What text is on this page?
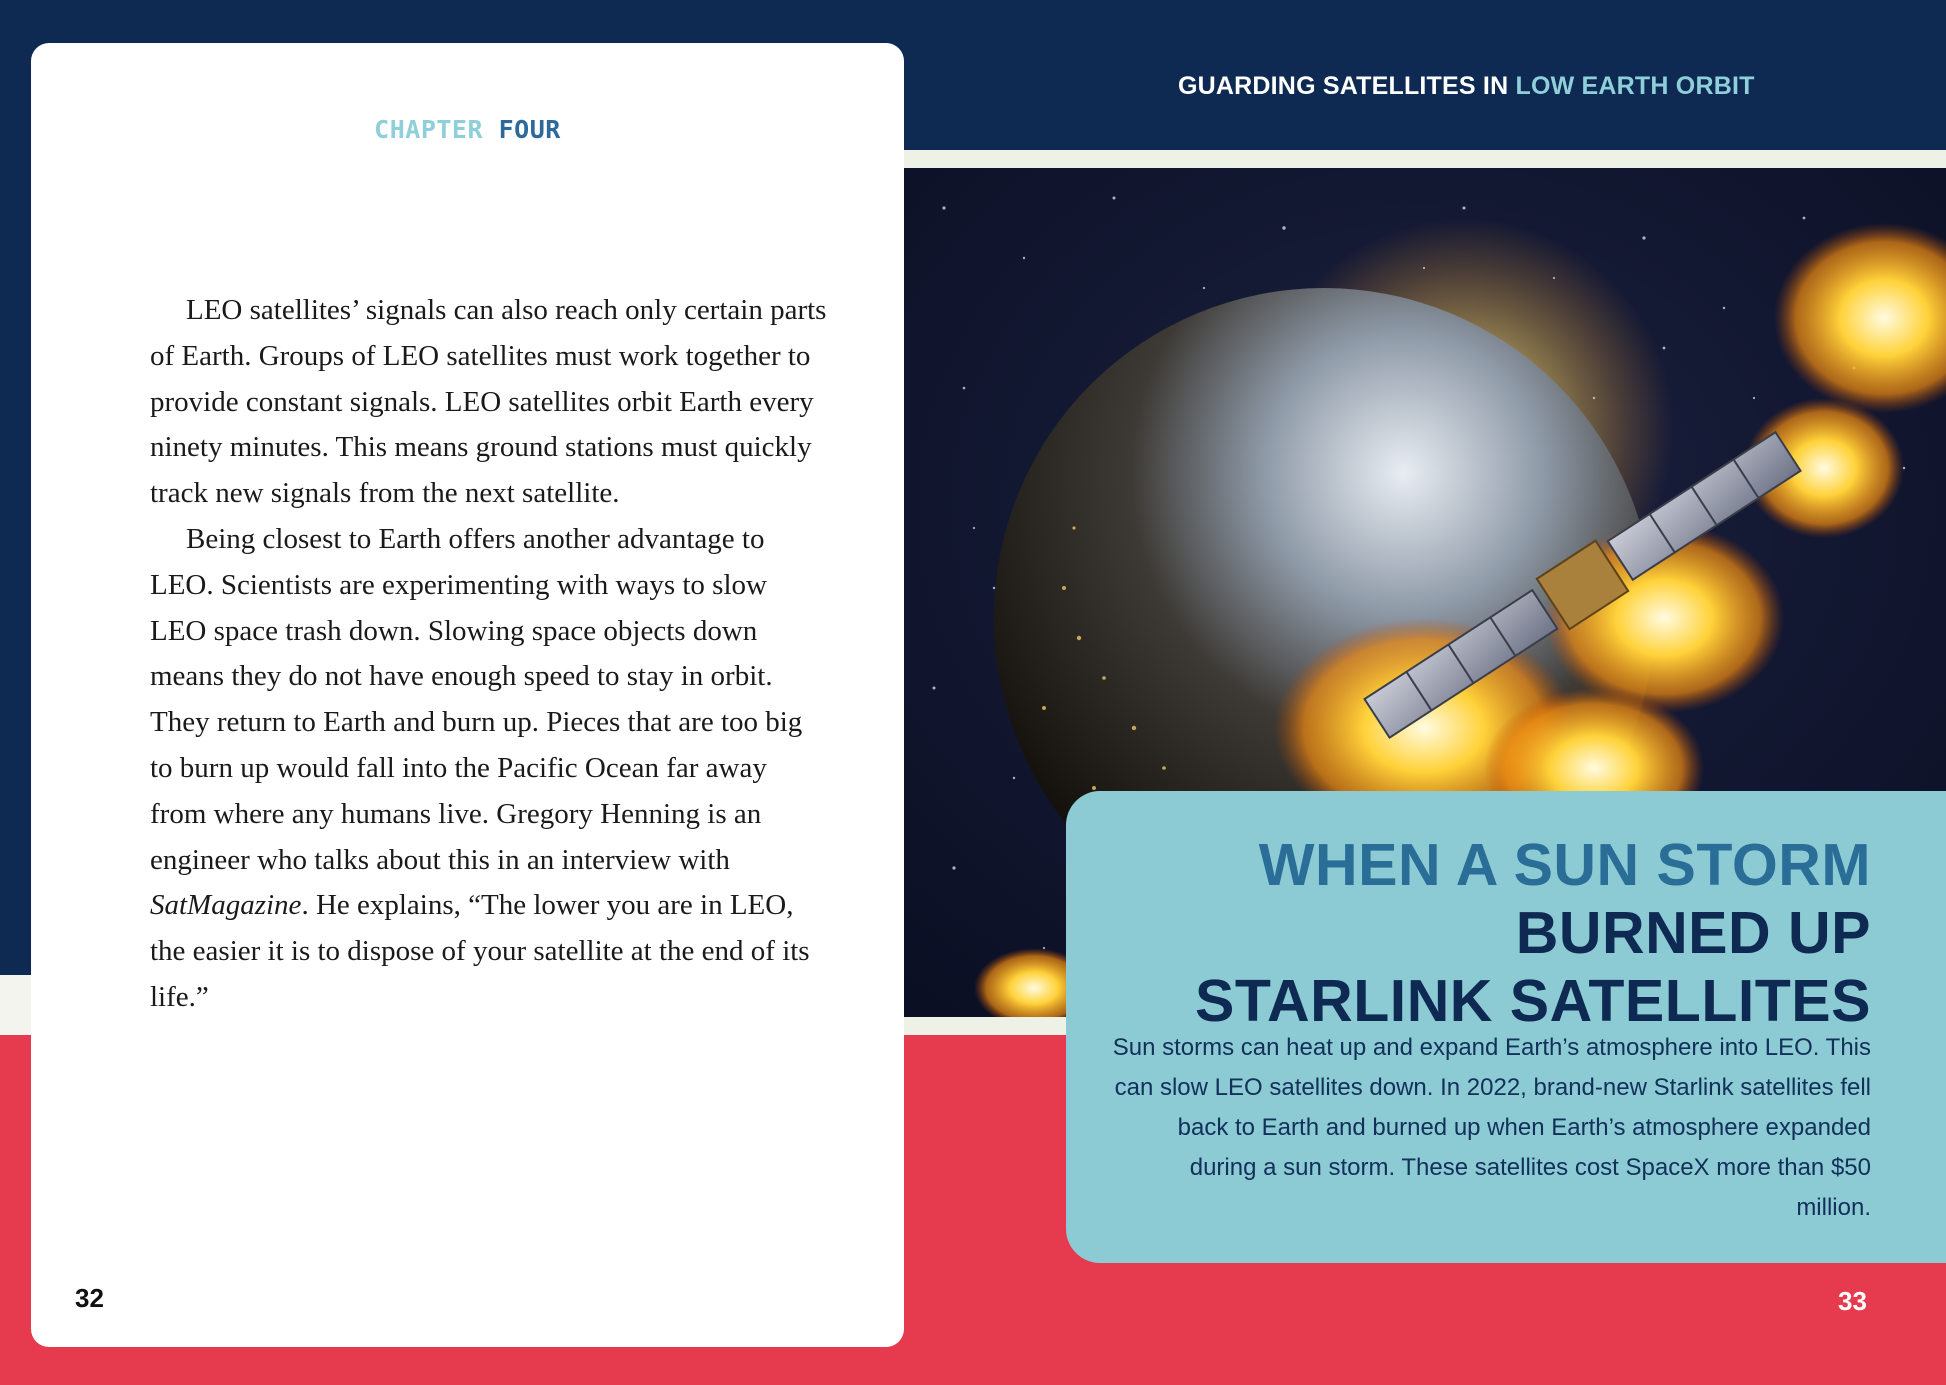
CHAPTER FOUR

LEO satellites’ signals can also reach only certain parts of Earth. Groups of LEO satellites must work together to provide constant signals. LEO satellites orbit Earth every ninety minutes. This means ground stations must quickly track new signals from the next satellite.

Being closest to Earth offers another advantage to LEO. Scientists are experimenting with ways to slow LEO space trash down. Slowing space objects down means they do not have enough speed to stay in orbit. They return to Earth and burn up. Pieces that are too big to burn up would fall into the Pacific Ocean far away from where any humans live. Gregory Henning is an engineer who talks about this in an interview with SatMagazine. He explains, “The lower you are in LEO, the easier it is to dispose of your satellite at the end of its life.”

32
GUARDING SATELLITES IN LOW EARTH ORBIT
WHEN A SUN STORM
BURNED UP
STARLINK SATELLITES
Sun storms can heat up and expand Earth’s atmosphere into LEO. This can slow LEO satellites down. In 2022, brand-new Starlink satellites fell back to Earth and burned up when Earth’s atmosphere expanded during a sun storm. These satellites cost SpaceX more than $50 million.
33
